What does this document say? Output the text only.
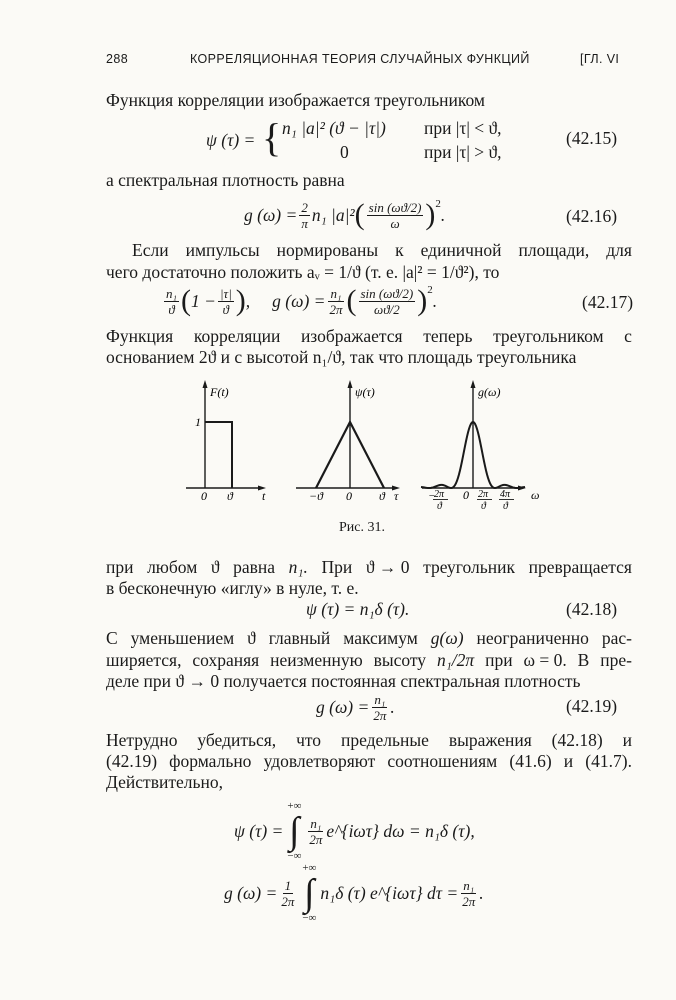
288	КОРРЕЛЯЦИОННАЯ ТЕОРИЯ СЛУЧАЙНЫХ ФУНКЦИЙ	[ГЛ. VI
Функция корреляции изображается треугольником
ψ (τ) = { n₁ |a|² (ϑ − |τ|) при |τ| < ϑ,
0	при |τ| > ϑ,
(42.15)
а спектральная плотность равна
g $(\omega) = \frac{2}{\pi} n_1$ |a|² ( $\frac{\sin (\omega ϑ/2)}{\omega} )^2$
.	(42.16)
Если импульсы нормированы к единичной площади, для
чего достаточно положить aᵥ = 1/ϑ (т. е. |a|² = 1/ϑ²), то
$\frac{\text{n₁}}{ϑ}$ ( $1 - \frac{|\tau|}{ϑ}$ ) , g $(\omega) = \frac{\text{n₁}}{2\pi}$ ( $\frac{\sin (\omega ϑ/2)}{\omega ϑ/2} )^2$
.	(42.17)
Функция корреляции изображается теперь треугольником с
основанием 2ϑ и с высотой n₁/ϑ, так что площадь треугольника
F(t)
1
0 ϑ t
ψ(τ)
−ϑ 0 ϑ τ
g(ω)
−
2π
ϑ
0 2π
ϑ
4π
ϑ
ω
Рис. 31.
при любом ϑ равна n₁. При ϑ → 0 треугольник превращается
в бесконечную «иглу» в нуле, т. е.
ψ (τ) = n₁δ (τ).	(42.18)
С уменьшением ϑ главный максимум g(ω) неограниченно рас-
ширяется, сохраняя неизменную высоту n₁/2π при ω = 0. В пре-
деле при ϑ → 0 получается постоянная спектральная плотность
g $(\omega) = \frac{\text{n₁}}{2\pi}$ .	(42.19)
Нетрудно убедиться, что предельные выражения (42.18) и
(42.19) формально удовлетворяют соотношениям (41.6) и (41.7).
Действительно,
ψ (τ) =
+∞
∫
−∞
$\frac{\text{n₁}}{2\pi}$ e^{iωτ} dω = n₁δ (τ),
g $(\omega) = \frac{1}{2\pi}$
+∞
∫
−∞
n₁δ (τ) e^{iωτ} $d\tau = \frac{\text{n₁}}{2\pi}$ .
